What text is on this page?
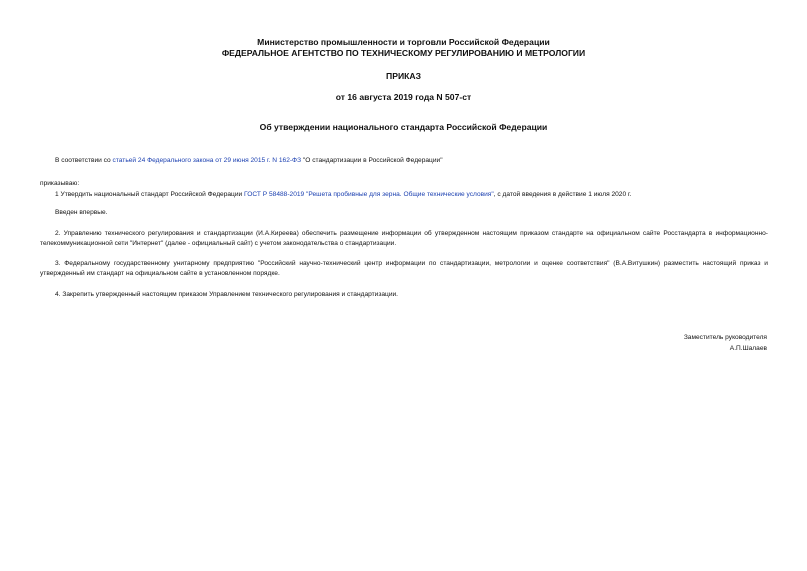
Министерство промышленности и торговли Российской Федерации
ФЕДЕРАЛЬНОЕ АГЕНТСТВО ПО ТЕХНИЧЕСКОМУ РЕГУЛИРОВАНИЮ И МЕТРОЛОГИИ
ПРИКАЗ
от 16 августа 2019 года N 507-ст
Об утверждении национального стандарта Российской Федерации
В соответствии со статьей 24 Федерального закона от 29 июня 2015 г. N 162-ФЗ "О стандартизации в Российской Федерации"
приказываю:
1 Утвердить национальный стандарт Российской Федерации ГОСТ Р 58488-2019 "Решета пробивные для зерна. Общие технические условия", с датой введения в действие 1 июля 2020 г.
Введен впервые.
2. Управлению технического регулирования и стандартизации (И.А.Киреева) обеспечить размещение информации об утвержденном настоящим приказом стандарте на официальном сайте Росстандарта в информационно-телекоммуникационной сети "Интернет" (далее - официальный сайт) с учетом законодательства о стандартизации.
3. Федеральному государственному унитарному предприятию "Российский научно-технический центр информации по стандартизации, метрологии и оценке соответствия" (В.А.Витушкин) разместить настоящий приказ и утвержденный им стандарт на официальном сайте в установленном порядке.
4. Закрепить утвержденный настоящим приказом Управлением технического регулирования и стандартизации.
Заместитель руководителя
А.П.Шалаев
